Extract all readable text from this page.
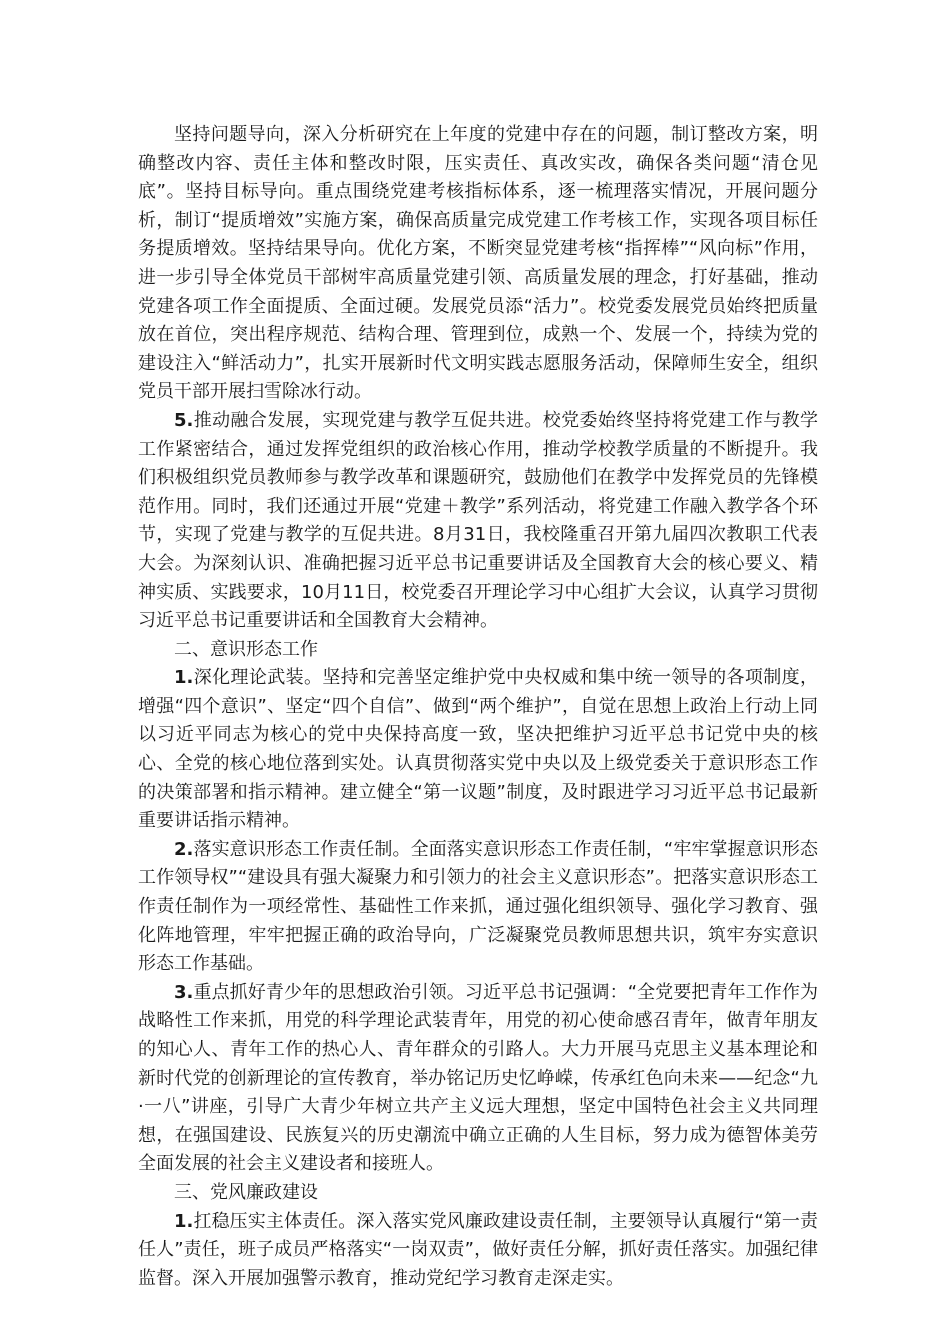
坚持问题导向，深入分析研究在上年度的党建中存在的问题，制订整改方案，明确整改内容、责任主体和整改时限，压实责任、真改实改，确保各类问题“清仓见底”。坚持目标导向。重点围绕党建考核指标体系，逐一梳理落实情况，开展问题分析，制订“提质增效”实施方案，确保高质量完成党建工作考核工作，实现各项目标任务提质增效。坚持结果导向。优化方案，不断突显党建考核“指挥棒”“风向标”作用，进一步引导全体党员干部树牢高质量党建引领、高质量发展的理念，打好基础，推动党建各项工作全面提质、全面过硬。发展党员添“活力”。校党委发展党员始终把质量放在首位，突出程序规范、结构合理、管理到位，成熟一个、发展一个，持续为党的建设注入“鲜活动力”，扎实开展新时代文明实践志愿服务活动，保障师生安全，组织党员干部开展扫雪除冰行动。

5.推动融合发展，实现党建与教学互促共进。校党委始终坚持将党建工作与教学工作紧密结合，通过发挥党组织的政治核心作用，推动学校教学质量的不断提升。我们积极组织党员教师参与教学改革和课题研究，鼓励他们在教学中发挥党员的先锋模范作用。同时，我们还通过开展“党建＋教学”系列活动，将党建工作融入教学各个环节，实现了党建与教学的互促共进。8月31日，我校隆重召开第九届四次教职工代表大会。为深刻认识、准确把握习近平总书记重要讲话及全国教育大会的核心要义、精神实质、实践要求，10月11日，校党委召开理论学习中心组扩大会议，认真学习贯彻习近平总书记重要讲话和全国教育大会精神。

二、意识形态工作

1.深化理论武装。坚持和完善坚定维护党中央权威和集中统一领导的各项制度，增强“四个意识”、坚定“四个自信”、做到“两个维护”，自觉在思想上政治上行动上同以习近平同志为核心的党中央保持高度一致，坚决把维护习近平总书记党中央的核心、全党的核心地位落到实处。认真贯彻落实党中央以及上级党委关于意识形态工作的决策部署和指示精神。建立健全“第一议题”制度，及时跟进学习习近平总书记最新重要讲话指示精神。

2.落实意识形态工作责任制。全面落实意识形态工作责任制，“牢牢掌握意识形态工作领导权”“建设具有强大凝聚力和引领力的社会主义意识形态”。把落实意识形态工作责任制作为一项经常性、基础性工作来抓，通过强化组织领导、强化学习教育、强化阵地管理，牢牢把握正确的政治导向，广泛凝聚党员教师思想共识，筑牢夯实意识形态工作基础。

3.重点抓好青少年的思想政治引领。习近平总书记强调：“全党要把青年工作作为战略性工作来抓，用党的科学理论武装青年，用党的初心使命感召青年，做青年朋友的知心人、青年工作的热心人、青年群众的引路人。大力开展马克思主义基本理论和新时代党的创新理论的宣传教育，举办铭记历史忆峥嵘，传承红色向未来——纪念“九·一八”讲座，引导广大青少年树立共产主义远大理想，坚定中国特色社会主义共同理想，在强国建设、民族复兴的历史潮流中确立正确的人生目标，努力成为德智体美劳全面发展的社会主义建设者和接班人。

三、党风廉政建设

1.扛稳压实主体责任。深入落实党风廉政建设责任制，主要领导认真履行“第一责任人”责任，班子成员严格落实“一岗双责”，做好责任分解，抓好责任落实。加强纪律监督。深入开展加强警示教育，推动党纪学习教育走深走实。
